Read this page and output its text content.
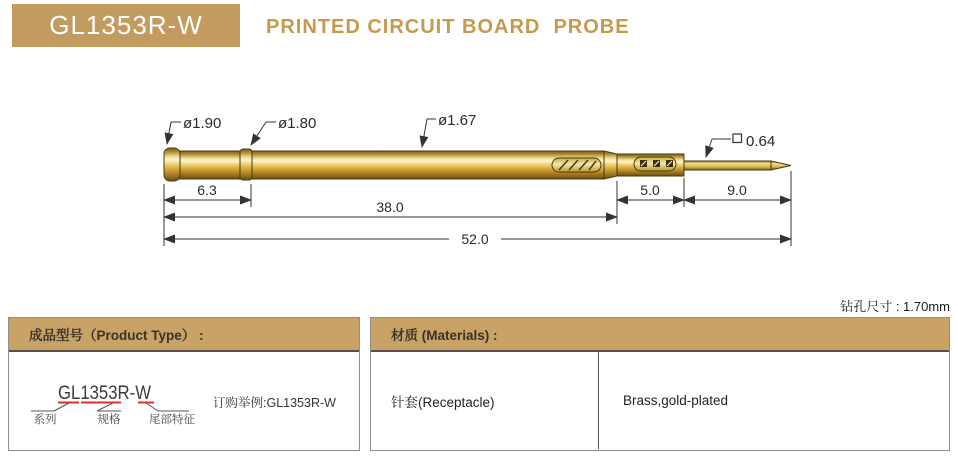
GL1353R-W	PRINTED CIRCUIT BOARD  PROBE
ø1.90	ø1.80	ø1.67
0.64
6.3	5.0	9.0
38.0
52.0
钻孔尺寸 : 1.70mm
成品型号（Product Type） :
GL1353R-W
系列	规格 尾部特征
订购举例:GL1353R-W
材质 (Materials) :
针套(Receptacle)	Brass,gold-plated
